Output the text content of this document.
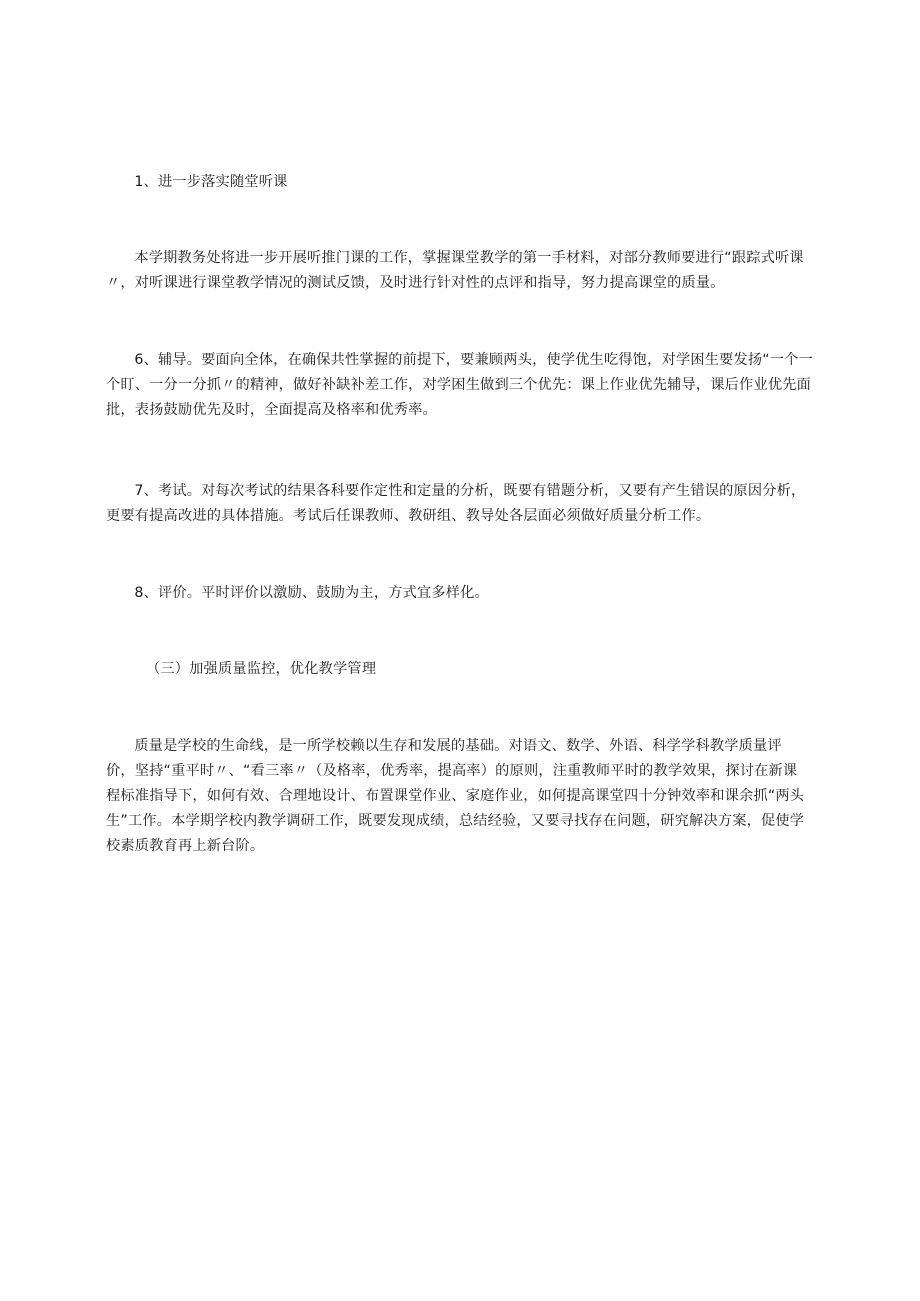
1、进一步落实随堂听课

本学期教务处将进一步开展听推门课的工作，掌握课堂教学的第一手材料，对部分教师要进行“跟踪式听课〃，对听课进行课堂教学情况的测试反馈，及时进行针对性的点评和指导，努力提高课堂的质量。

6、辅导。要面向全体，在确保共性掌握的前提下，要兼顾两头，使学优生吃得饱，对学困生要发扬“一个一个盯、一分一分抓〃的精神，做好补缺补差工作，对学困生做到三个优先：课上作业优先辅导，课后作业优先面批，表扬鼓励优先及时，全面提高及格率和优秀率。

7、考试。对每次考试的结果各科要作定性和定量的分析，既要有错题分析，又要有产生错误的原因分析，更要有提高改进的具体措施。考试后任课教师、教研组、教导处各层面必须做好质量分析工作。

8、评价。平时评价以激励、鼓励为主，方式宜多样化。

（三）加强质量监控，优化教学管理

质量是学校的生命线，是一所学校赖以生存和发展的基础。对语文、数学、外语、科学学科教学质量评价，坚持“重平时〃、“看三率〃（及格率，优秀率，提高率）的原则，注重教师平时的教学效果，探讨在新课程标准指导下，如何有效、合理地设计、布置课堂作业、家庭作业，如何提高课堂四十分钟效率和课余抓“两头生”工作。本学期学校内教学调研工作，既要发现成绩，总结经验，又要寻找存在问题，研究解决方案，促使学校素质教育再上新台阶。
